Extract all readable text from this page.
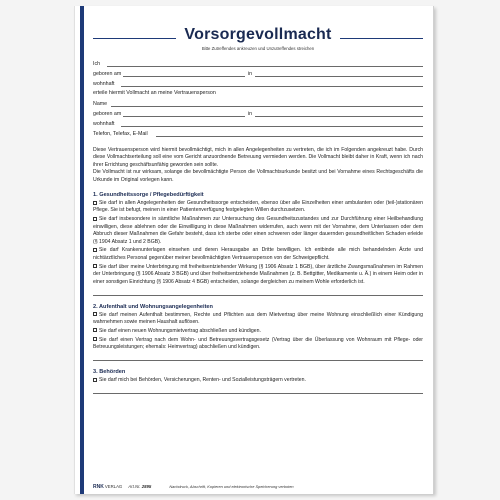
Vorsorgevollmacht
Bitte Zutreffendes ankreuzen und Unzutreffendes streichen
Ich
geboren am	in
wohnhaft
erteile hiermit Vollmacht an meine Vertrauensperson
Name
geboren am	in
wohnhaft
Telefon, Telefax, E-Mail
Diese Vertrauensperson wird hiermit bevollmächtigt, mich in allen Angelegenheiten zu vertreten, die ich im Folgenden angekreuzt habe. Durch diese Vollmachtserteilung soll eine vom Gericht anzuordnende Betreuung vermieden werden. Die Vollmacht bleibt daher in Kraft, wenn ich nach ihrer Errichtung geschäftsunfähig geworden sein sollte.
Die Vollmacht ist nur wirksam, solange die bevollmächtigte Person die Vollmachtsurkunde besitzt und bei Vornahme eines Rechtsgeschäfts die Urkunde im Original vorlegen kann.
1. Gesundheitssorge / Pflegebedürftigkeit
Sie darf in allen Angelegenheiten der Gesundheitssorge entscheiden, ebenso über alle Einzelheiten einer ambulanten oder (teil-)stationären Pflege. Sie ist befugt, meinen in einer Patientenverfügung festgelegten Willen durchzusetzen.
Sie darf insbesondere in sämtliche Maßnahmen zur Untersuchung des Gesundheitszustandes und zur Durchführung einer Heilbehandlung einwilligen, diese ablehnen oder die Einwilligung in diese Maßnahmen widerrufen, auch wenn mit der Vornahme, dem Unterlassen oder dem Abbruch dieser Maßnahmen die Gefahr besteht, dass ich sterbe oder einen schweren oder länger dauernden gesundheitlichen Schaden erleide (§ 1904 Absatz 1 und 2 BGB).
Sie darf Krankenunterlagen einsehen und deren Herausgabe an Dritte bewilligen. Ich entbinde alle mich behandelnden Ärzte und nichtärztliches Personal gegenüber meiner bevollmächtigten Vertrauensperson von der Schweigepflicht.
Sie darf über meine Unterbringung mit freiheitsentziehender Wirkung (§ 1906 Absatz 1 BGB), über ärztliche Zwangsmaßnahmen im Rahmen der Unterbringung (§ 1906 Absatz 3 BGB) und über freiheitsentziehende Maßnahmen (z. B. Bettgitter, Medikamente u. Ä.) in einem Heim oder in einer sonstigen Einrichtung (§ 1906 Absatz 4 BGB) entscheiden, solange dergleichen zu meinem Wohle erforderlich ist.
2. Aufenthalt und Wohnungsangelegenheiten
Sie darf meinen Aufenthalt bestimmen, Rechte und Pflichten aus dem Mietvertrag über meine Wohnung einschließlich einer Kündigung wahrnehmen sowie meinen Haushalt auflösen.
Sie darf einen neuen Wohnungsmietvertrag abschließen und kündigen.
Sie darf einen Vertrag nach dem Wohn- und Betreuungsvertragsgesetz (Vertrag über die Überlassung von Wohnraum mit Pflege- oder Betreuungsleistungen; ehemals: Heimvertrag) abschließen und kündigen.
3. Behörden
Sie darf mich bei Behörden, Versicherungen, Renten- und Sozialleistungsträgern vertreten.
RNK VERLAG Art.Nr. 2895	Nachdruck, Abschrift, Kopieren und elektronische Speicherung verboten
